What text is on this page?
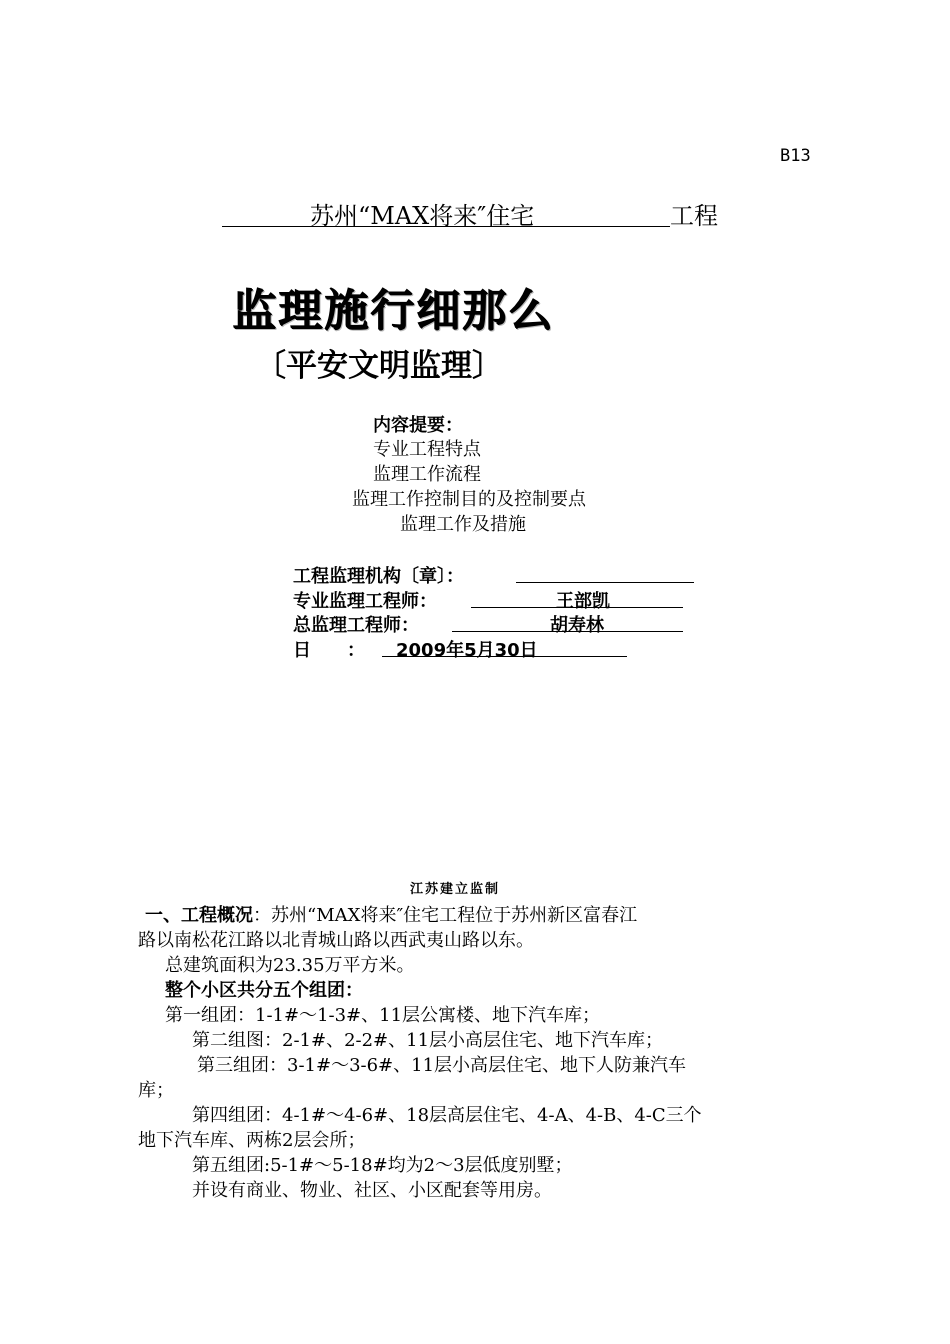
B13
苏州“MAX将来″住宅	工程
监理施行细那么
〔平安文明监理〕
内容提要：
专业工程特点
监理工作流程
监理工作控制目的及控制要点
监理工作及措施
工程监理机构〔章〕：
专业监理工程师：	王部凯
总监理工程师：	胡寿林
日　　： 2009年5月30日
江苏建立监制
一、工程概况：苏州“MAX将来″住宅工程位于苏州新区富春江
路以南松花江路以北青城山路以西武夷山路以东。
总建筑面积为23.35万平方米。
整个小区共分五个组团：
第一组团：1-1#～1-3#、11层公寓楼、地下汽车库；
第二组图：2-1#、2-2#、11层小高层住宅、地下汽车库；
第三组团：3-1#～3-6#、11层小高层住宅、地下人防兼汽车
库；
第四组团：4-1#～4-6#、18层高层住宅、4-A、4-B、4-C三个
地下汽车库、两栋2层会所；
第五组团:5-1#～5-18#均为2～3层低度别墅；
并设有商业、物业、社区、小区配套等用房。
